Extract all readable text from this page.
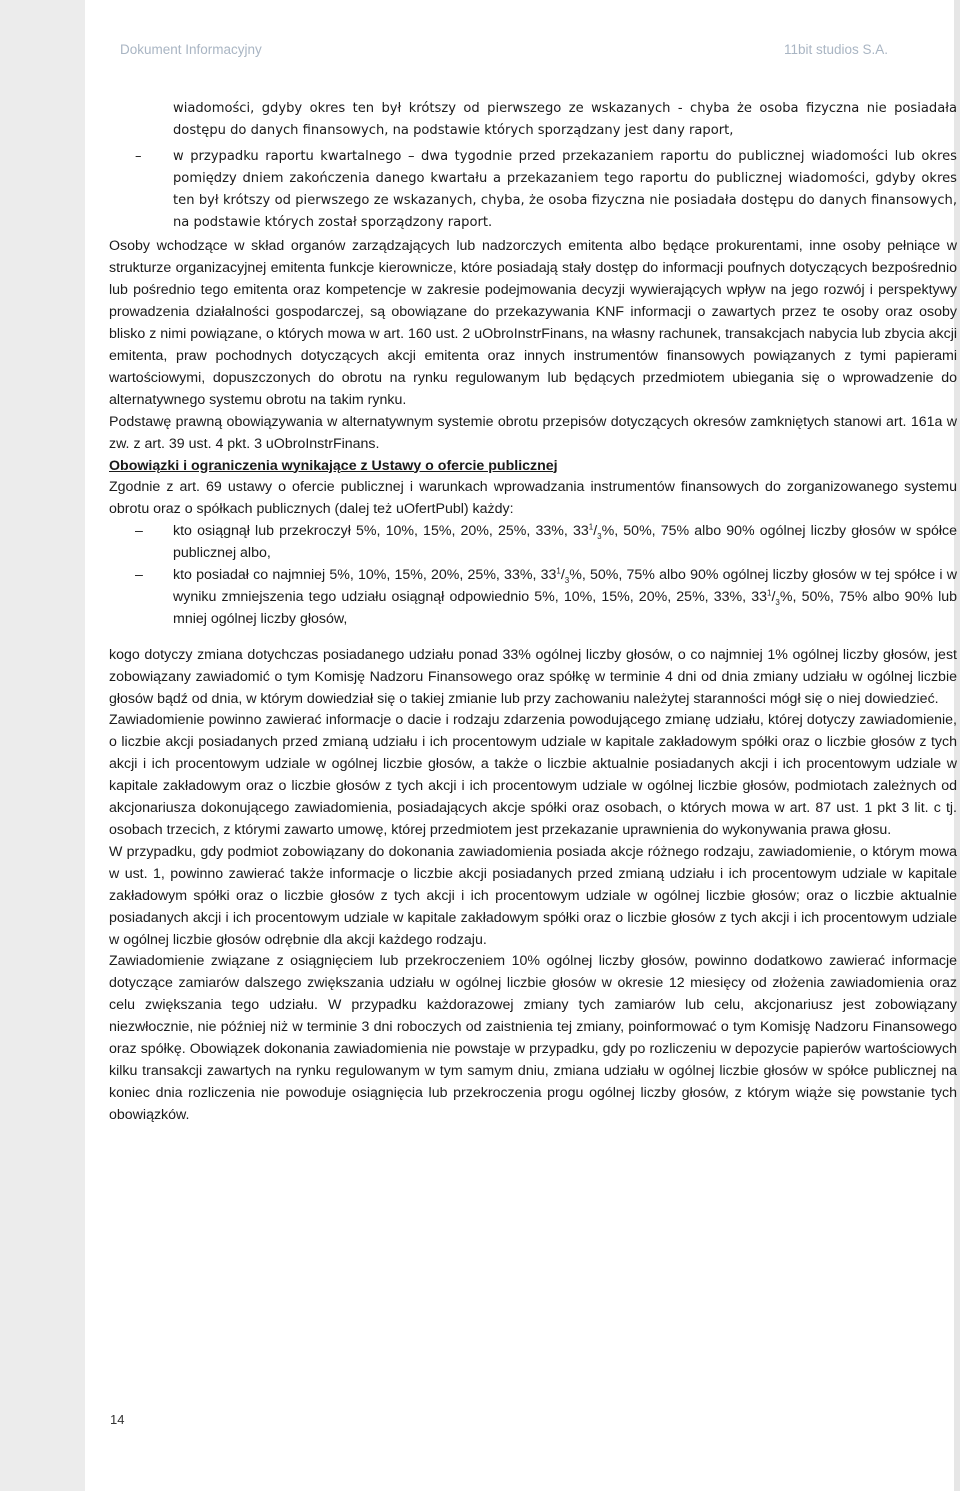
Dokument Informacyjny	11bit studios S.A.

wiadomości, gdyby okres ten był krótszy od pierwszego ze wskazanych - chyba że osoba fizyczna nie posiadała dostępu do danych finansowych, na podstawie których sporządzany jest dany raport,

– w przypadku raportu kwartalnego – dwa tygodnie przed przekazaniem raportu do publicznej wiadomości lub okres pomiędzy dniem zakończenia danego kwartału a przekazaniem tego raportu do publicznej wiadomości, gdyby okres ten był krótszy od pierwszego ze wskazanych, chyba, że osoba fizyczna nie posiadała dostępu do danych finansowych, na podstawie których został sporządzony raport.

Osoby wchodzące w skład organów zarządzających lub nadzorczych emitenta albo będące prokurentami, inne osoby pełniące w strukturze organizacyjnej emitenta funkcje kierownicze, które posiadają stały dostęp do informacji poufnych dotyczących bezpośrednio lub pośrednio tego emitenta oraz kompetencje w zakresie podejmowania decyzji wywierających wpływ na jego rozwój i perspektywy prowadzenia działalności gospodarczej, są obowiązane do przekazywania KNF informacji o zawartych przez te osoby oraz osoby blisko z nimi powiązane, o których mowa w art. 160 ust. 2 uObroInstrFinans, na własny rachunek, transakcjach nabycia lub zbycia akcji emitenta, praw pochodnych dotyczących akcji emitenta oraz innych instrumentów finansowych powiązanych z tymi papierami wartościowymi, dopuszczonych do obrotu na rynku regulowanym lub będących przedmiotem ubiegania się o wprowadzenie do alternatywnego systemu obrotu na takim rynku.

Podstawę prawną obowiązywania w alternatywnym systemie obrotu przepisów dotyczących okresów zamkniętych stanowi art. 161a w zw. z art. 39 ust. 4 pkt. 3 uObroInstrFinans.

Obowiązki i ograniczenia wynikające z Ustawy o ofercie publicznej

Zgodnie z art. 69 ustawy o ofercie publicznej i warunkach wprowadzania instrumentów finansowych do zorganizowanego systemu obrotu oraz o spółkach publicznych (dalej też uOfertPubl) każdy:

– kto osiągnął lub przekroczył 5%, 10%, 15%, 20%, 25%, 33%, $33^1/_3\%$, 50%, 75% albo 90% ogólnej liczby głosów w spółce publicznej albo,

– kto posiadał co najmniej 5%, 10%, 15%, 20%, 25%, 33%, $33^1/_3\%$, 50%, 75% albo 90% ogólnej liczby głosów w tej spółce i w wyniku zmniejszenia tego udziału osiągnął odpowiednio 5%, 10%, 15%, 20%, 25%, 33%, $33^1/_3\%$, 50%, 75% albo 90% lub mniej ogólnej liczby głosów,

kogo dotyczy zmiana dotychczas posiadanego udziału ponad 33% ogólnej liczby głosów, o co najmniej 1% ogólnej liczby głosów, jest zobowiązany zawiadomić o tym Komisję Nadzoru Finansowego oraz spółkę w terminie 4 dni od dnia zmiany udziału w ogólnej liczbie głosów bądź od dnia, w którym dowiedział się o takiej zmianie lub przy zachowaniu należytej staranności mógł się o niej dowiedzieć.

Zawiadomienie powinno zawierać informacje o dacie i rodzaju zdarzenia powodującego zmianę udziału, której dotyczy zawiadomienie, o liczbie akcji posiadanych przed zmianą udziału i ich procentowym udziale w kapitale zakładowym spółki oraz o liczbie głosów z tych akcji i ich procentowym udziale w ogólnej liczbie głosów, a także o liczbie aktualnie posiadanych akcji i ich procentowym udziale w kapitale zakładowym oraz o liczbie głosów z tych akcji i ich procentowym udziale w ogólnej liczbie głosów, podmiotach zależnych od akcjonariusza dokonującego zawiadomienia, posiadających akcje spółki oraz osobach, o których mowa w art. 87 ust. 1 pkt 3 lit. c tj. osobach trzecich, z którymi zawarto umowę, której przedmiotem jest przekazanie uprawnienia do wykonywania prawa głosu.

W przypadku, gdy podmiot zobowiązany do dokonania zawiadomienia posiada akcje różnego rodzaju, zawiadomienie, o którym mowa w ust. 1, powinno zawierać także informacje o liczbie akcji posiadanych przed zmianą udziału i ich procentowym udziale w kapitale zakładowym spółki oraz o liczbie głosów z tych akcji i ich procentowym udziale w ogólnej liczbie głosów; oraz o liczbie aktualnie posiadanych akcji i ich procentowym udziale w kapitale zakładowym spółki oraz o liczbie głosów z tych akcji i ich procentowym udziale w ogólnej liczbie głosów odrębnie dla akcji każdego rodzaju.

Zawiadomienie związane z osiągnięciem lub przekroczeniem 10% ogólnej liczby głosów, powinno dodatkowo zawierać informacje dotyczące zamiarów dalszego zwiększania udziału w ogólnej liczbie głosów w okresie 12 miesięcy od złożenia zawiadomienia oraz celu zwiększania tego udziału. W przypadku każdorazowej zmiany tych zamiarów lub celu, akcjonariusz jest zobowiązany niezwłocznie, nie później niż w terminie 3 dni roboczych od zaistnienia tej zmiany, poinformować o tym Komisję Nadzoru Finansowego oraz spółkę. Obowiązek dokonania zawiadomienia nie powstaje w przypadku, gdy po rozliczeniu w depozycie papierów wartościowych kilku transakcji zawartych na rynku regulowanym w tym samym dniu, zmiana udziału w ogólnej liczbie głosów w spółce publicznej na koniec dnia rozliczenia nie powoduje osiągnięcia lub przekroczenia progu ogólnej liczby głosów, z którym wiąże się powstanie tych obowiązków.

14
